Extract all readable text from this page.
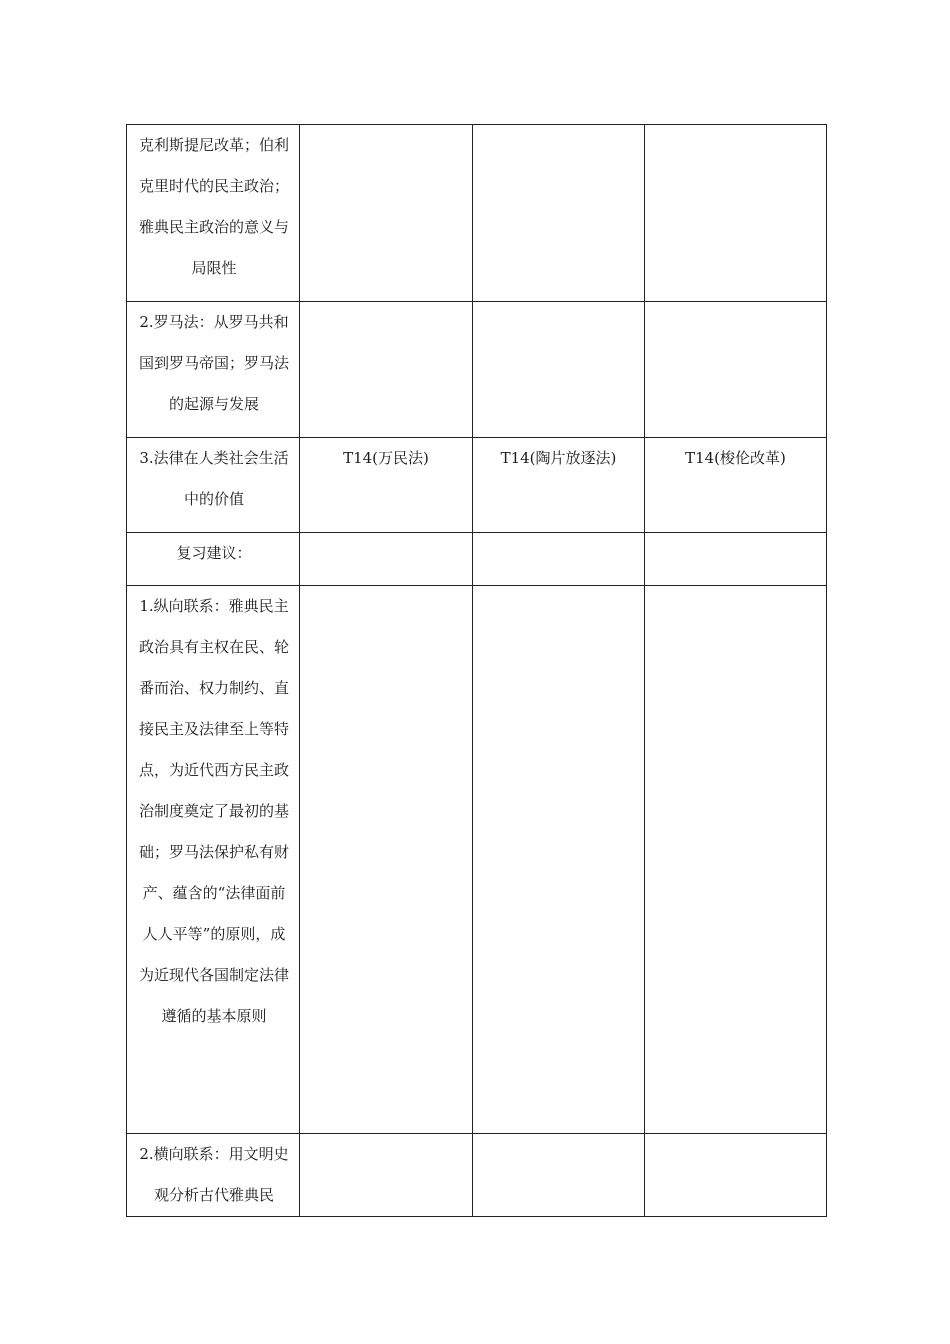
克利斯提尼改革；伯利克里时代的民主政治；雅典民主政治的意义与局限性			

2.罗马法：从罗马共和国到罗马帝国；罗马法的起源与发展			

3.法律在人类社会生活中的价值	T14(万民法)	T14(陶片放逐法)	T14(梭伦改革)

复习建议：			

1.纵向联系：雅典民主政治具有主权在民、轮番而治、权力制约、直接民主及法律至上等特点，为近代西方民主政治制度奠定了最初的基础；罗马法保护私有财产、蕴含的“法律面前人人平等”的原则，成为近现代各国制定法律遵循的基本原则			

2.横向联系：用文明史观分析古代雅典民			
